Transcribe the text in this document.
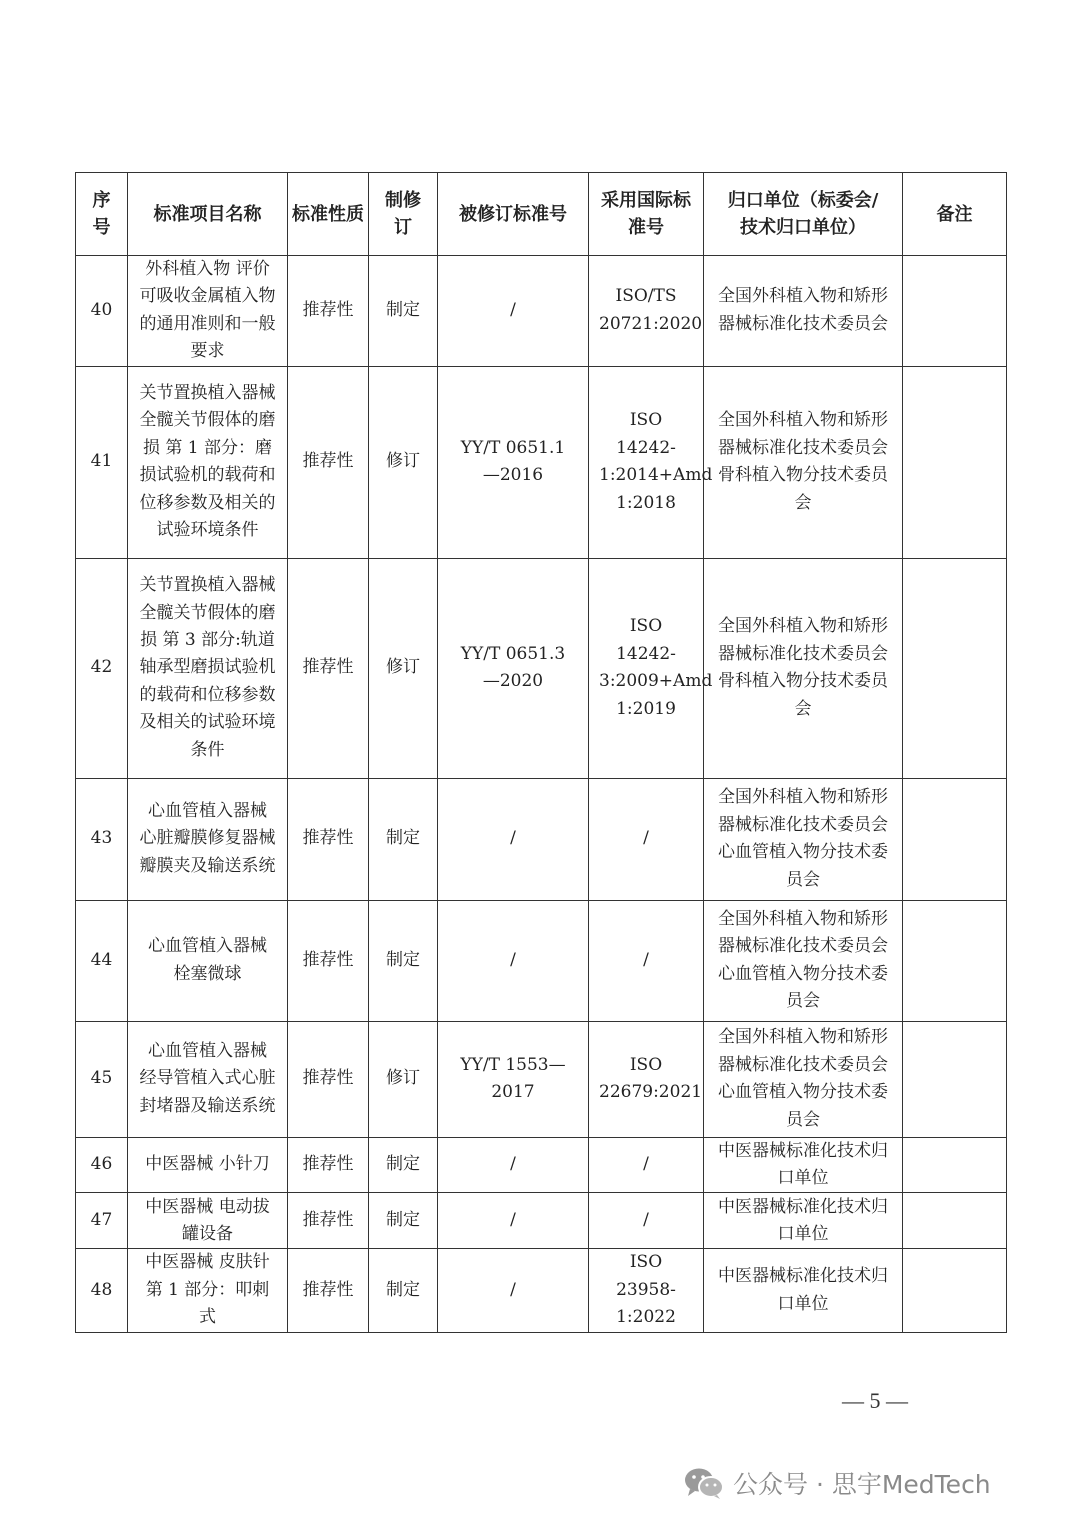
序号	标准项目名称	标准性质	制修订	被修订标准号	采用国际标准号	归口单位（标委会/技术归口单位）	备注
40	外科植入物 评价可吸收金属植入物的通用准则和一般要求	推荐性	制定	/	ISO/TS 20721:2020	全国外科植入物和矫形器械标准化技术委员会	
41	关节置换植入器械 全髋关节假体的磨损 第 1 部分：磨损试验机的载荷和位移参数及相关的试验环境条件	推荐性	修订	YY/T 0651.1—2016	ISO 14242-1:2014+Amd 1:2018	全国外科植入物和矫形器械标准化技术委员会骨科植入物分技术委员会	
42	关节置换植入器械 全髋关节假体的磨损 第 3 部分:轨道轴承型磨损试验机的载荷和位移参数及相关的试验环境条件	推荐性	修订	YY/T 0651.3—2020	ISO 14242-3:2009+Amd 1:2019	全国外科植入物和矫形器械标准化技术委员会骨科植入物分技术委员会	
43	心血管植入器械 心脏瓣膜修复器械 瓣膜夹及输送系统	推荐性	制定	/	/	全国外科植入物和矫形器械标准化技术委员会心血管植入物分技术委员会	
44	心血管植入器械 栓塞微球	推荐性	制定	/	/	全国外科植入物和矫形器械标准化技术委员会心血管植入物分技术委员会	
45	心血管植入器械 经导管植入式心脏封堵器及输送系统	推荐性	修订	YY/T 1553—2017	ISO 22679:2021	全国外科植入物和矫形器械标准化技术委员会心血管植入物分技术委员会	
46	中医器械 小针刀	推荐性	制定	/	/	中医器械标准化技术归口单位	
47	中医器械 电动拔罐设备	推荐性	制定	/	/	中医器械标准化技术归口单位	
48	中医器械 皮肤针 第 1 部分：叩刺式	推荐性	制定	/	ISO 23958-1:2022	中医器械标准化技术归口单位	
— 5 —
公众号 · 思宇MedTech
